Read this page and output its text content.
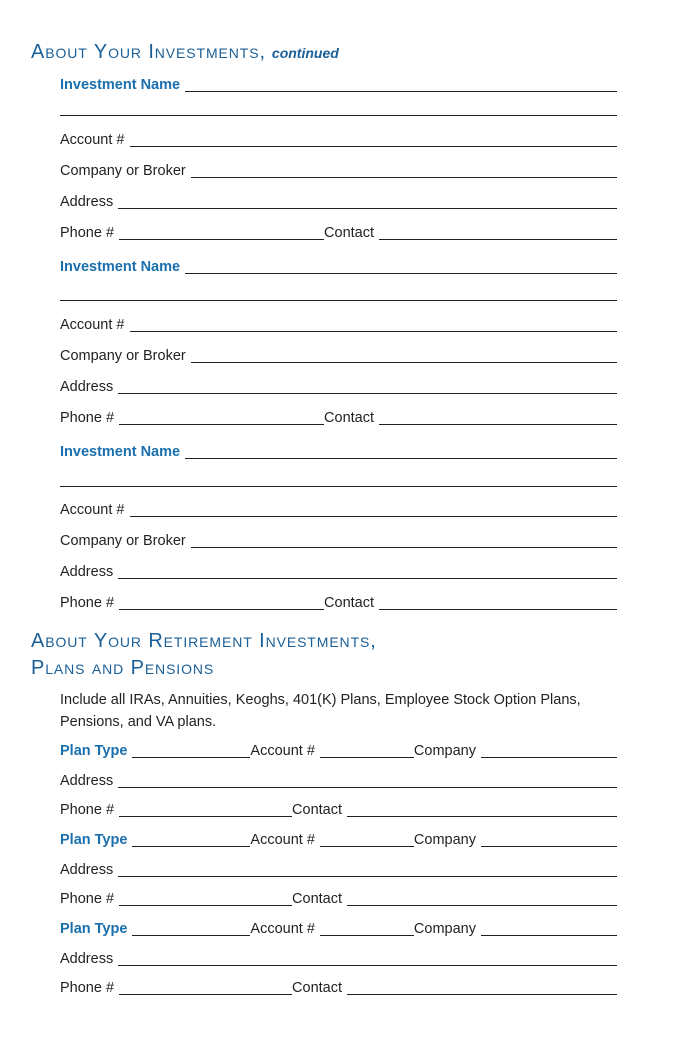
About Your Investments, continued
Investment Name
Account #
Company or Broker
Address
Phone #	Contact
Investment Name
Account #
Company or Broker
Address
Phone #	Contact
Investment Name
Account #
Company or Broker
Address
Phone #	Contact
About Your Retirement Investments,
Plans and Pensions
Include all IRAs, Annuities, Keoghs, 401(K) Plans, Employee Stock Option Plans, Pensions, and VA plans.
Plan Type	Account #	Company
Address
Phone #	Contact
Plan Type	Account #	Company
Address
Phone #	Contact
Plan Type	Account #	Company
Address
Phone #	Contact
